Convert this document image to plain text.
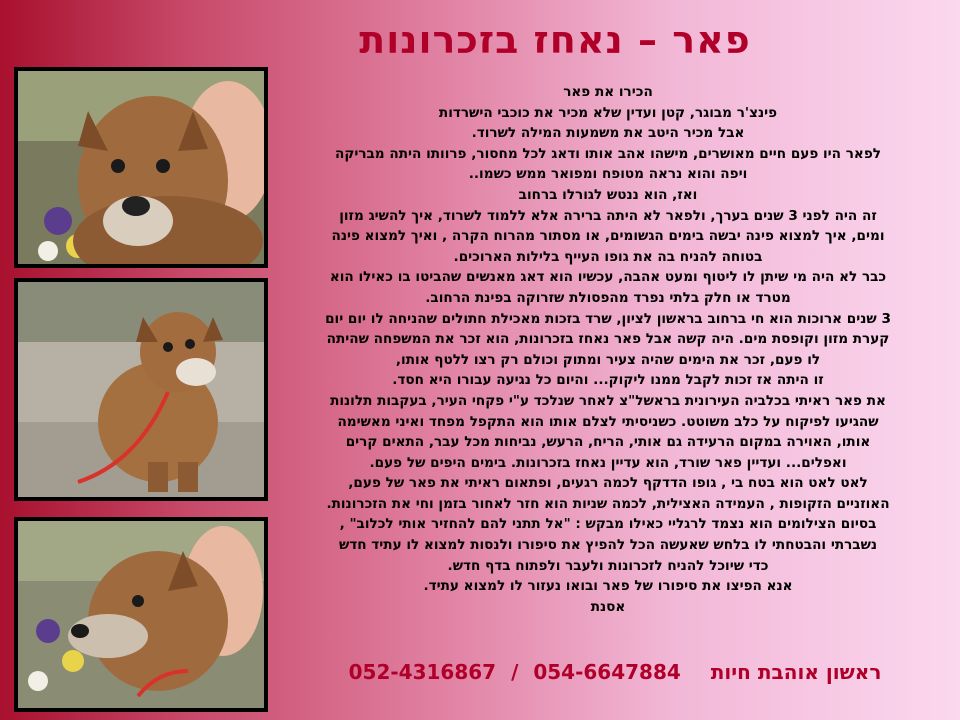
פאר – נאחז בזכרונות

הכירו את פאר

פינצ'ר מבוגר, קטן ועדין שלא מכיר את כוכבי הישרדות

אבל מכיר היטב את משמעות המילה לשרוד.

לפאר היו פעם חיים מאושרים, מישהו אהב אותו ודאג לכל מחסור, פרוותו היתה מבריקה

ויפה והוא נראה מטופח ומפואר ממש כשמו..

ואז, הוא ננטש לגורלו ברחוב

זה היה לפני 3 שנים בערך, ולפאר לא היתה ברירה אלא ללמוד לשרוד, איך להשיג מזון

ומים, איך למצוא פינה יבשה בימים הגשומים, או מסתור מהרוח הקרה , ואיך למצוא פינה

בטוחה להניח בה את גופו העייף בלילות הארוכים.

כבר לא היה מי שיתן לו ליטוף ומעט אהבה, עכשיו הוא דאג מאנשים שהביטו בו כאילו הוא

מטרד או חלק בלתי נפרד מהפסולת שזרוקה בפינת הרחוב.

3 שנים ארוכות הוא חי ברחוב בראשון לציון, שרד בזכות מאכילת חתולים שהניחה לו יום יום

קערת מזון וקופסת מים. היה קשה אבל פאר נאחז בזכרונות, הוא זכר את המשפחה שהיתה

לו פעם, זכר את הימים שהיה צעיר ומתוק וכולם רק רצו ללטף אותו,

זו היתה אז זכות לקבל ממנו ליקוק... והיום כל נגיעה עבורו היא חסד.

את פאר ראיתי בכלביה העירונית בראשל"צ לאחר שנלכד ע"י פקחי העיר, בעקבות תלונות

שהגיעו לפיקוח על כלב משוטט. כשניסיתי לצלם אותו הוא התקפל מפחד ואיני מאשימה

אותו, האוירה במקום הרעידה גם אותי, הריח, הרעש, נביחות מכל עבר, התאים קרים

ואפלים... ועדיין פאר שורד, הוא עדיין נאחז בזכרונות. בימים היפים של פעם.

לאט לאט הוא בטח בי , גופו הדדקף לכמה רגעים, ופתאום ראיתי את פאר של פעם,

האוזניים הזקופות , העמידה האצילית, לכמה שניות הוא חזר לאחור בזמן וחי את הזכרונות.

בסיום הצילומים הוא נצמד לרגליי כאילו מבקש : "אל תתני להם להחזיר אותי לכלוב" ,

נשברתי והבטחתי לו בלחש שאעשה הכל להפיץ את סיפורו ולנסות למצוא לו עתיד חדש

כדי שיוכל להניח לזכרונות ולעבר ולפתוח בדף חדש.

אנא הפיצו את סיפורו של פאר ובואו נעזור לו למצוא עתיד.

אסנת

ראשון אוהבת חיות  054-6647884 / 052-4316867
